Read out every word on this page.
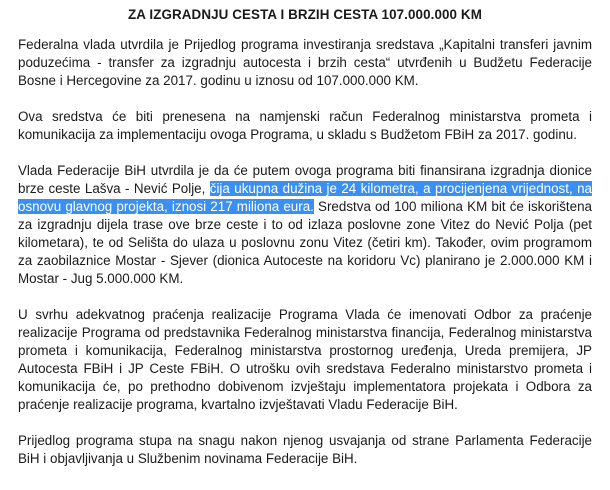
ZA IZGRADNJU CESTA I BRZIH CESTA 107.000.000 KM

Federalna vlada utvrdila je Prijedlog programa investiranja sredstava „Kapitalni transferi javnim poduzećima - transfer za izgradnju autocesta i brzih cesta“ utvrđenih u Budžetu Federacije Bosne i Hercegovine za 2017. godinu u iznosu od 107.000.000 KM.

Ova sredstva će biti prenesena na namjenski račun Federalnog ministarstva prometa i komunikacija za implementaciju ovoga Programa, u skladu s Budžetom FBiH za 2017. godinu.

Vlada Federacije BiH utvrdila je da će putem ovoga programa biti finansirana izgradnja dionice brze ceste Lašva - Nević Polje, čija ukupna dužina je 24 kilometra, a procijenjena vrijednost, na osnovu glavnog projekta, iznosi 217 miliona eura. Sredstva od 100 miliona KM bit će iskorištena za izgradnju dijela trase ove brze ceste i to od izlaza poslovne zone Vitez do Nević Polja (pet kilometara), te od Selišta do ulaza u poslovnu zonu Vitez (četiri km). Također, ovim programom za zaobilaznice Mostar - Sjever (dionica Autoceste na koridoru Vc) planirano je 2.000.000 KM i Mostar - Jug 5.000.000 KM.

U svrhu adekvatnog praćenja realizacije Programa Vlada će imenovati Odbor za praćenje realizacije Programa od predstavnika Federalnog ministarstva financija, Federalnog ministarstva prometa i komunikacija, Federalnog ministarstva prostornog uređenja, Ureda premijera, JP Autocesta FBiH i JP Ceste FBiH. O utrošku ovih sredstava Federalno ministarstvo prometa i komunikacija će, po prethodno dobivenom izvještaju implementatora projekata i Odbora za praćenje realizacije programa, kvartalno izvještavati Vladu Federacije BiH.

Prijedlog programa stupa na snagu nakon njenog usvajanja od strane Parlamenta Federacije BiH i objavljivanja u Službenim novinama Federacije BiH.
